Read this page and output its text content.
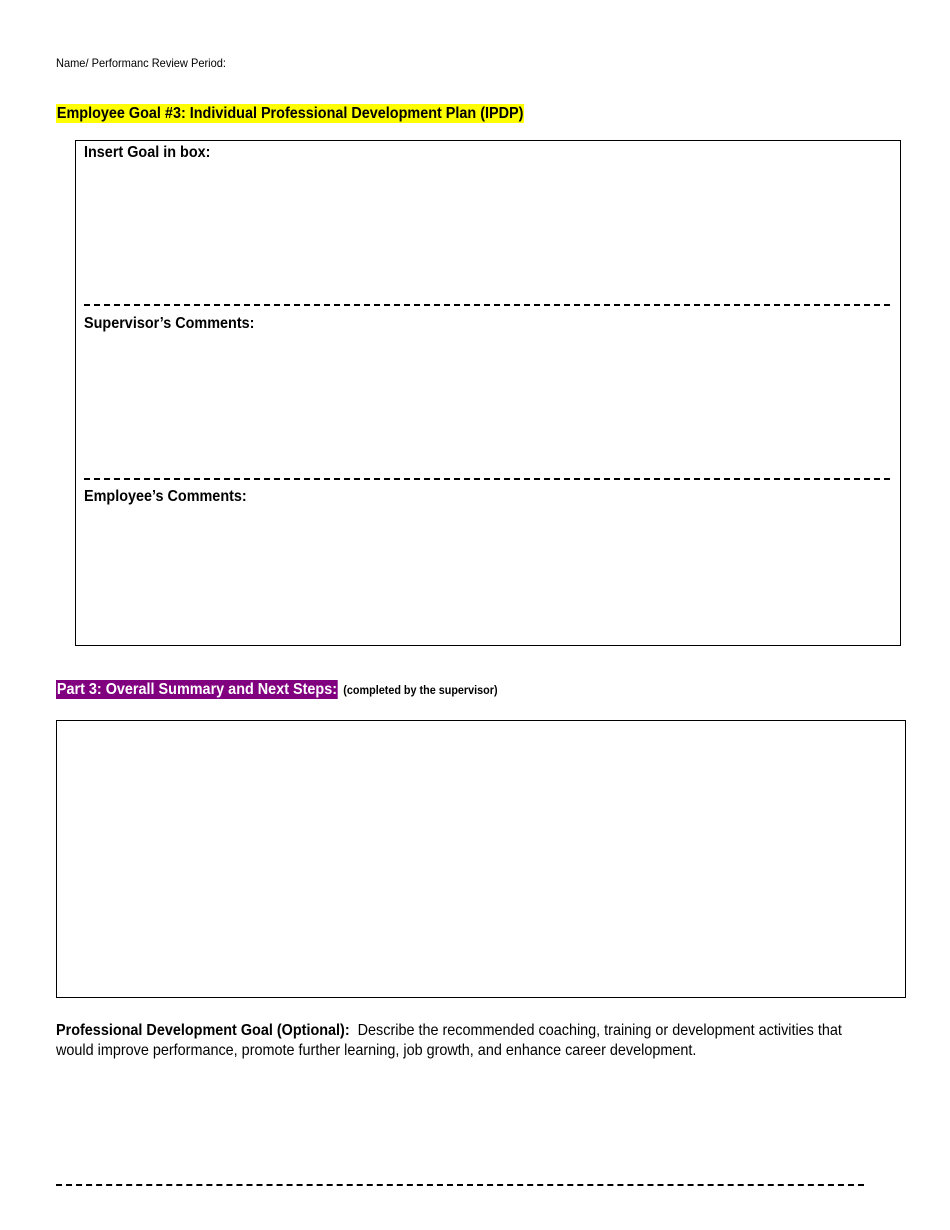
Name/ Performanc Review Period:
Employee Goal #3: Individual Professional Development Plan (IPDP)
Insert Goal in box:
Supervisor’s Comments:
Employee’s Comments:
Part 3: Overall Summary and Next Steps: (completed by the supervisor)
Professional Development Goal (Optional): Describe the recommended coaching, training or development activities that would improve performance, promote further learning, job growth, and enhance career development.
